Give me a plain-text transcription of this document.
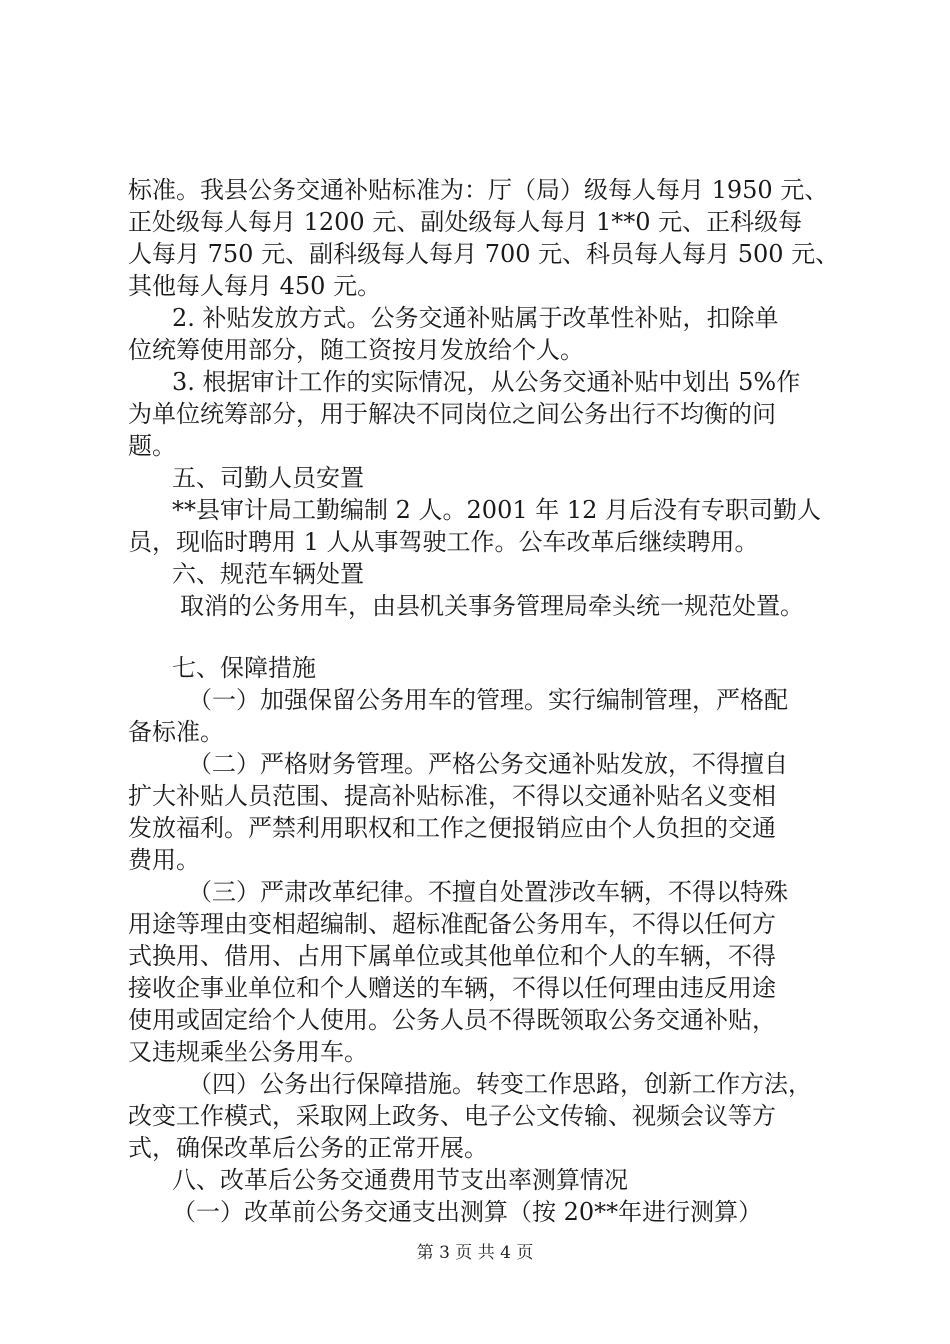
标准。我县公务交通补贴标准为：厅（局）级每人每月 1950 元、

正处级每人每月 1200 元、副处级每人每月 1**0 元、正科级每

人每月 750 元、副科级每人每月 700 元、科员每人每月 500 元、

其他每人每月 450 元。

2. 补贴发放方式。公务交通补贴属于改革性补贴，扣除单

位统筹使用部分，随工资按月发放给个人。

3. 根据审计工作的实际情况，从公务交通补贴中划出 5%作

为单位统筹部分，用于解决不同岗位之间公务出行不均衡的问

题。

五、司勤人员安置

**县审计局工勤编制 2 人。2001 年 12 月后没有专职司勤人

员，现临时聘用 1 人从事驾驶工作。公车改革后继续聘用。

六、规范车辆处置

取消的公务用车，由县机关事务管理局牵头统一规范处置。

七、保障措施

（一）加强保留公务用车的管理。实行编制管理，严格配

备标准。

（二）严格财务管理。严格公务交通补贴发放，不得擅自

扩大补贴人员范围、提高补贴标准，不得以交通补贴名义变相

发放福利。严禁利用职权和工作之便报销应由个人负担的交通

费用。

（三）严肃改革纪律。不擅自处置涉改车辆，不得以特殊

用途等理由变相超编制、超标准配备公务用车，不得以任何方

式换用、借用、占用下属单位或其他单位和个人的车辆，不得

接收企事业单位和个人赠送的车辆，不得以任何理由违反用途

使用或固定给个人使用。公务人员不得既领取公务交通补贴，

又违规乘坐公务用车。

（四）公务出行保障措施。转变工作思路，创新工作方法，

改变工作模式，采取网上政务、电子公文传输、视频会议等方

式，确保改革后公务的正常开展。

八、改革后公务交通费用节支出率测算情况

（一）改革前公务交通支出测算（按 20**年进行测算）

第 3 页 共 4 页
